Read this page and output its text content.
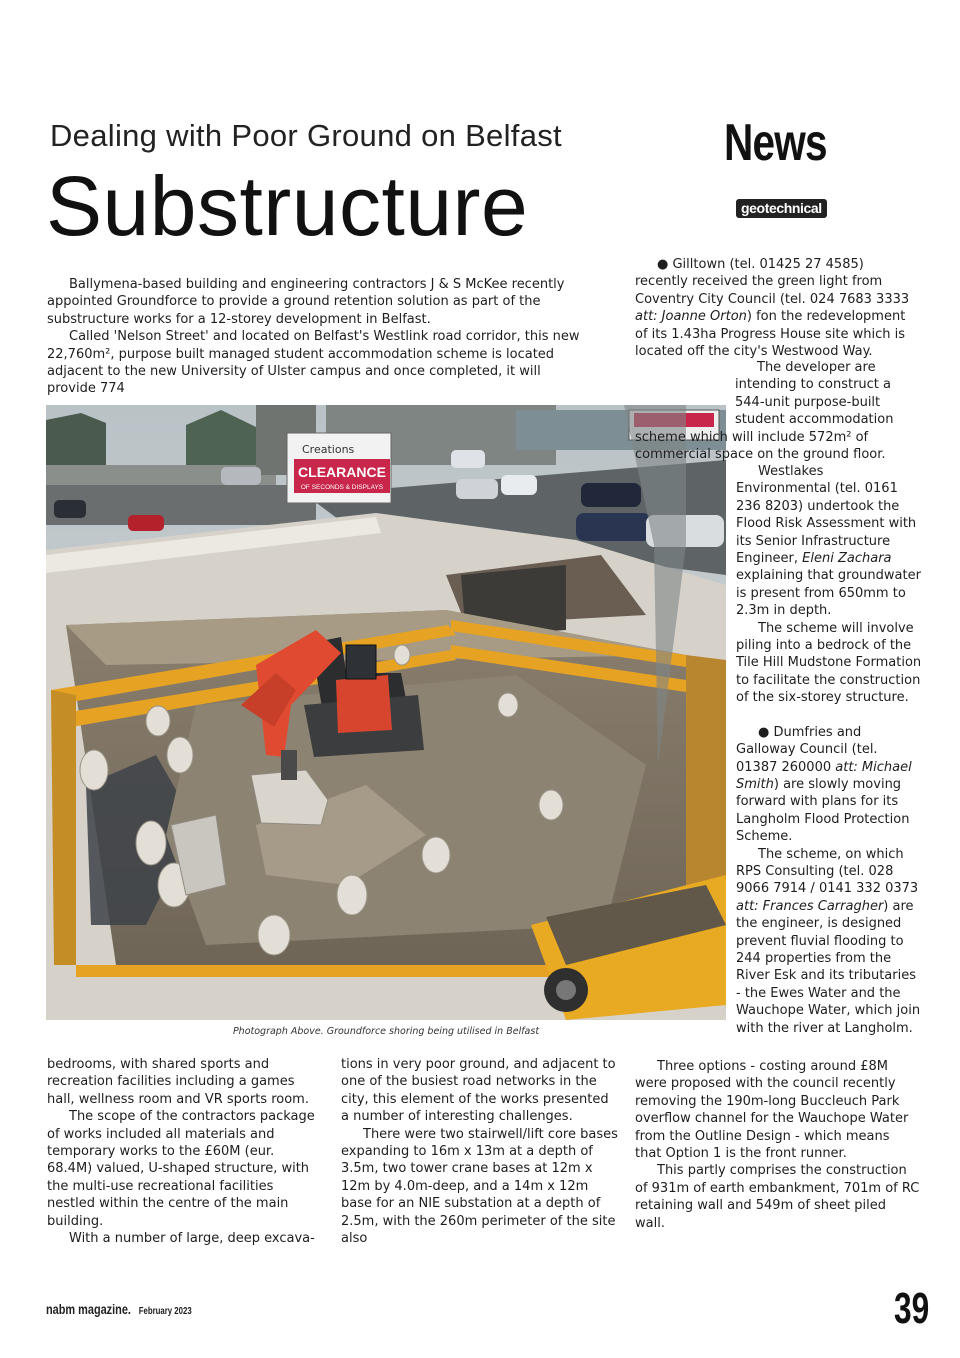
Dealing with Poor Ground on Belfast
Substructure
News
geotechnical

Ballymena-based building and engineering contractors J & S McKee recently appointed Groundforce to provide a ground retention solution as part of the substructure works for a 12-storey development in Belfast.

Called 'Nelson Street' and located on Belfast's Westlink road corridor, this new 22,760m², purpose built managed student accommodation scheme is located adjacent to the new University of Ulster campus and once completed, it will provide 774

Creations
CLEARANCE
OF SECONDS & DISPLAYS
Photograph Above. Groundforce shoring being utilised in Belfast

bedrooms, with shared sports and recreation facilities including a games hall, wellness room and VR sports room.

The scope of the contractors package of works included all materials and temporary works to the £60M (eur. 68.4M) valued, U-shaped structure, with the multi-use recreational facilities nestled within the centre of the main building.

With a number of large, deep excava-

tions in very poor ground, and adjacent to one of the busiest road networks in the city, this element of the works presented a number of interesting challenges.

There were two stairwell/lift core bases expanding to 16m x 13m at a depth of 3.5m, two tower crane bases at 12m x 12m by 4.0m-deep, and a 14m x 12m base for an NIE substation at a depth of 2.5m, with the 260m perimeter of the site also

● Gilltown (tel. 01425 27 4585) recently received the green light from Coventry City Council (tel. 024 7683 3333 att: Joanne Orton) fon the redevelopment of its 1.43ha Progress House site which is located off the city's Westwood Way.

The developer are intending to construct a 544-unit purpose-built student accommodation scheme which will include 572m² of commercial space on the ground floor.

Westlakes Environmental (tel. 0161 236 8203) undertook the Flood Risk Assessment with its Senior Infrastructure Engineer, Eleni Zachara explaining that groundwater is present from 650mm to 2.3m in depth.

The scheme will involve piling into a bedrock of the Tile Hill Mudstone Formation to facilitate the construction of the six-storey structure.

● Dumfries and Galloway Council (tel. 01387 260000 att: Michael Smith) are slowly moving forward with plans for its Langholm Flood Protection Scheme.

The scheme, on which RPS Consulting (tel. 028 9066 7914 / 0141 332 0373 att: Frances Carragher) are the engineer, is designed prevent fluvial flooding to 244 properties from the River Esk and its tributaries - the Ewes Water and the Wauchope Water, which join with the river at Langholm.

Three options - costing around £8M were proposed with the council recently removing the 190m-long Buccleuch Park overflow channel for the Wauchope Water from the Outline Design - which means that Option 1 is the front runner.

This partly comprises the construction of 931m of earth embankment, 701m of RC retaining wall and 549m of sheet piled wall.

nabm magazine. February 2023	39
